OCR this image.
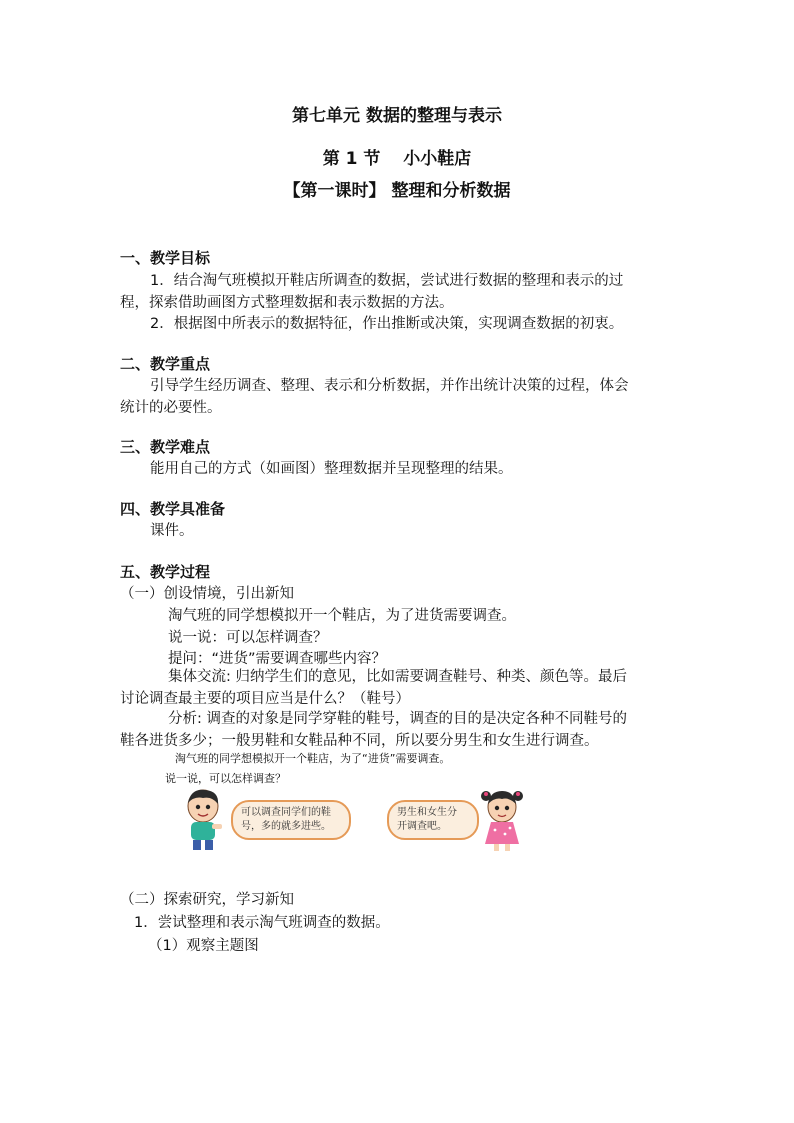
第七单元 数据的整理与表示
第 1 节　 小小鞋店
【第一课时】 整理和分析数据
一、教学目标
1．结合淘气班模拟开鞋店所调查的数据，尝试进行数据的整理和表示的过
程，探索借助画图方式整理数据和表示数据的方法。
2．根据图中所表示的数据特征，作出推断或决策，实现调查数据的初衷。
二、教学重点
引导学生经历调查、整理、表示和分析数据，并作出统计决策的过程，体会
统计的必要性。
三、教学难点
能用自己的方式（如画图）整理数据并呈现整理的结果。
四、教学具准备
课件。
五、教学过程
（一）创设情境，引出新知
淘气班的同学想模拟开一个鞋店，为了进货需要调查。
说一说：可以怎样调查？
提问：“进货”需要调查哪些内容？
集体交流: 归纳学生们的意见，比如需要调查鞋号、种类、颜色等。最后
讨论调查最主要的项目应当是什么？（鞋号）
分析: 调查的对象是同学穿鞋的鞋号，调查的目的是决定各种不同鞋号的
鞋各进货多少；一般男鞋和女鞋品种不同，所以要分男生和女生进行调查。
淘气班的同学想模拟开一个鞋店，为了“进货”需要调查。
说一说，可以怎样调查？
可以调查同学们的鞋
号，多的就多进些。
男生和女生分
开调查吧。
（二）探索研究，学习新知
1．尝试整理和表示淘气班调查的数据。
（1）观察主题图
